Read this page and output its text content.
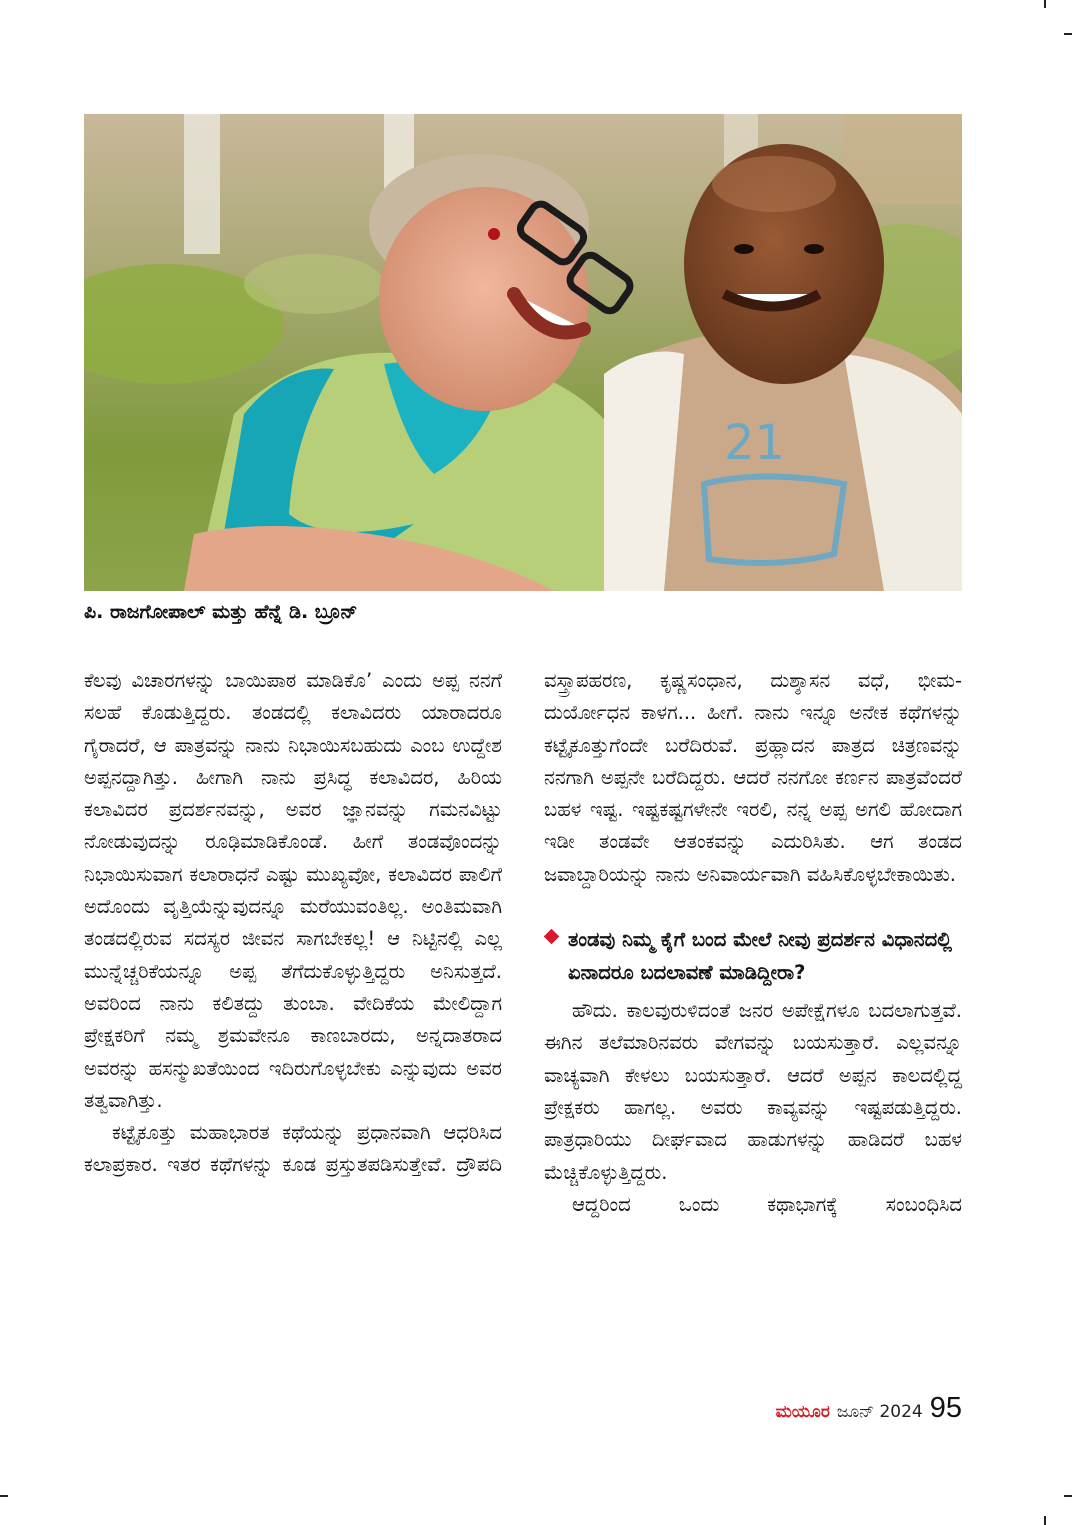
21
ಪಿ. ರಾಜಗೋಪಾಲ್ ಮತ್ತು ಹೆನ್ನೆ ಡಿ. ಬ್ರೂನ್

ಕೆಲವು ವಿಚಾರಗಳನ್ನು ಬಾಯಿಪಾಠ ಮಾಡಿಕೊ’ ಎಂದು ಅಪ್ಪ ನನಗೆ ಸಲಹೆ ಕೊಡುತ್ತಿದ್ದರು. ತಂಡದಲ್ಲಿ ಕಲಾವಿದರು ಯಾರಾದರೂ ಗೈರಾದರೆ, ಆ ಪಾತ್ರವನ್ನು ನಾನು ನಿಭಾಯಿಸಬಹುದು ಎಂಬ ಉದ್ದೇಶ ಅಪ್ಪನದ್ದಾಗಿತ್ತು. ಹೀಗಾಗಿ ನಾನು ಪ್ರಸಿದ್ಧ ಕಲಾವಿದರ, ಹಿರಿಯ ಕಲಾವಿದರ ಪ್ರದರ್ಶನವನ್ನು, ಅವರ ಜ್ಞಾನವನ್ನು ಗಮನವಿಟ್ಟು ನೋಡುವುದನ್ನು ರೂಢಿಮಾಡಿಕೊಂಡೆ. ಹೀಗೆ ತಂಡವೊಂದನ್ನು ನಿಭಾಯಿಸುವಾಗ ಕಲಾರಾಧನೆ ಎಷ್ಟು ಮುಖ್ಯವೋ, ಕಲಾವಿದರ ಪಾಲಿಗೆ ಅದೊಂದು ವೃತ್ತಿಯೆನ್ನುವುದನ್ನೂ ಮರೆಯುವಂತಿಲ್ಲ. ಅಂತಿಮವಾಗಿ ತಂಡದಲ್ಲಿರುವ ಸದಸ್ಯರ ಜೀವನ ಸಾಗಬೇಕಲ್ಲ! ಆ ನಿಟ್ಟಿನಲ್ಲಿ ಎಲ್ಲ ಮುನ್ನೆಚ್ಚರಿಕೆಯನ್ನೂ ಅಪ್ಪ ತೆಗೆದುಕೊಳ್ಳುತ್ತಿದ್ದರು ಅನಿಸುತ್ತದೆ. ಅವರಿಂದ ನಾನು ಕಲಿತದ್ದು ತುಂಬಾ. ವೇದಿಕೆಯ ಮೇಲಿದ್ದಾಗ ಪ್ರೇಕ್ಷಕರಿಗೆ ನಮ್ಮ ಶ್ರಮವೇನೂ ಕಾಣಬಾರದು, ಅನ್ನದಾತರಾದ ಅವರನ್ನು ಹಸನ್ಮುಖತೆಯಿಂದ ಇದಿರುಗೊಳ್ಳಬೇಕು ಎನ್ನುವುದು ಅವರ ತತ್ವವಾಗಿತ್ತು.

ಕಟ್ಟೈಕೂತ್ತು ಮಹಾಭಾರತ ಕಥೆಯನ್ನು ಪ್ರಧಾನವಾಗಿ ಆಧರಿಸಿದ ಕಲಾಪ್ರಕಾರ. ಇತರ ಕಥೆಗಳನ್ನು ಕೂಡ ಪ್ರಸ್ತುತಪಡಿಸುತ್ತೇವೆ. ದ್ರೌಪದಿ

ವಸ್ತ್ರಾಪಹರಣ, ಕೃಷ್ಣಸಂಧಾನ, ದುಶ್ಶಾಸನ ವಧೆ, ಭೀಮ-ದುರ್ಯೋಧನ ಕಾಳಗ... ಹೀಗೆ. ನಾನು ಇನ್ನೂ ಅನೇಕ ಕಥೆಗಳನ್ನು ಕಟ್ಟೈಕೂತ್ತುಗೆಂದೇ ಬರೆದಿರುವೆ. ಪ್ರಹ್ಲಾದನ ಪಾತ್ರದ ಚಿತ್ರಣವನ್ನು ನನಗಾಗಿ ಅಪ್ಪನೇ ಬರೆದಿದ್ದರು. ಆದರೆ ನನಗೋ ಕರ್ಣನ ಪಾತ್ರವೆಂದರೆ ಬಹಳ ಇಷ್ಟ. ಇಷ್ಟಕಷ್ಟಗಳೇನೇ ಇರಲಿ, ನನ್ನ ಅಪ್ಪ ಅಗಲಿ ಹೋದಾಗ ಇಡೀ ತಂಡವೇ ಆತಂಕವನ್ನು ಎದುರಿಸಿತು. ಆಗ ತಂಡದ ಜವಾಬ್ದಾರಿಯನ್ನು ನಾನು ಅನಿವಾರ್ಯವಾಗಿ ವಹಿಸಿಕೊಳ್ಳಬೇಕಾಯಿತು.

ತಂಡವು ನಿಮ್ಮ ಕೈಗೆ ಬಂದ ಮೇಲೆ ನೀವು ಪ್ರದರ್ಶನ ವಿಧಾನದಲ್ಲಿ ಏನಾದರೂ ಬದಲಾವಣೆ ಮಾಡಿದ್ದೀರಾ?

ಹೌದು. ಕಾಲವುರುಳಿದಂತೆ ಜನರ ಅಪೇಕ್ಷೆಗಳೂ ಬದಲಾಗುತ್ತವೆ. ಈಗಿನ ತಲೆಮಾರಿನವರು ವೇಗವನ್ನು ಬಯಸುತ್ತಾರೆ. ಎಲ್ಲವನ್ನೂ ವಾಚ್ಯವಾಗಿ ಕೇಳಲು ಬಯಸುತ್ತಾರೆ. ಆದರೆ ಅಪ್ಪನ ಕಾಲದಲ್ಲಿದ್ದ ಪ್ರೇಕ್ಷಕರು ಹಾಗಲ್ಲ. ಅವರು ಕಾವ್ಯವನ್ನು ಇಷ್ಟಪಡುತ್ತಿದ್ದರು. ಪಾತ್ರಧಾರಿಯು ದೀರ್ಘವಾದ ಹಾಡುಗಳನ್ನು ಹಾಡಿದರೆ ಬಹಳ ಮೆಚ್ಚಿಕೊಳ್ಳುತ್ತಿದ್ದರು.

ಆದ್ದರಿಂದ ಒಂದು ಕಥಾಭಾಗಕ್ಕೆ ಸಂಬಂಧಿಸಿದ

ಮಯೂರ ಜೂನ್ 2024 95
